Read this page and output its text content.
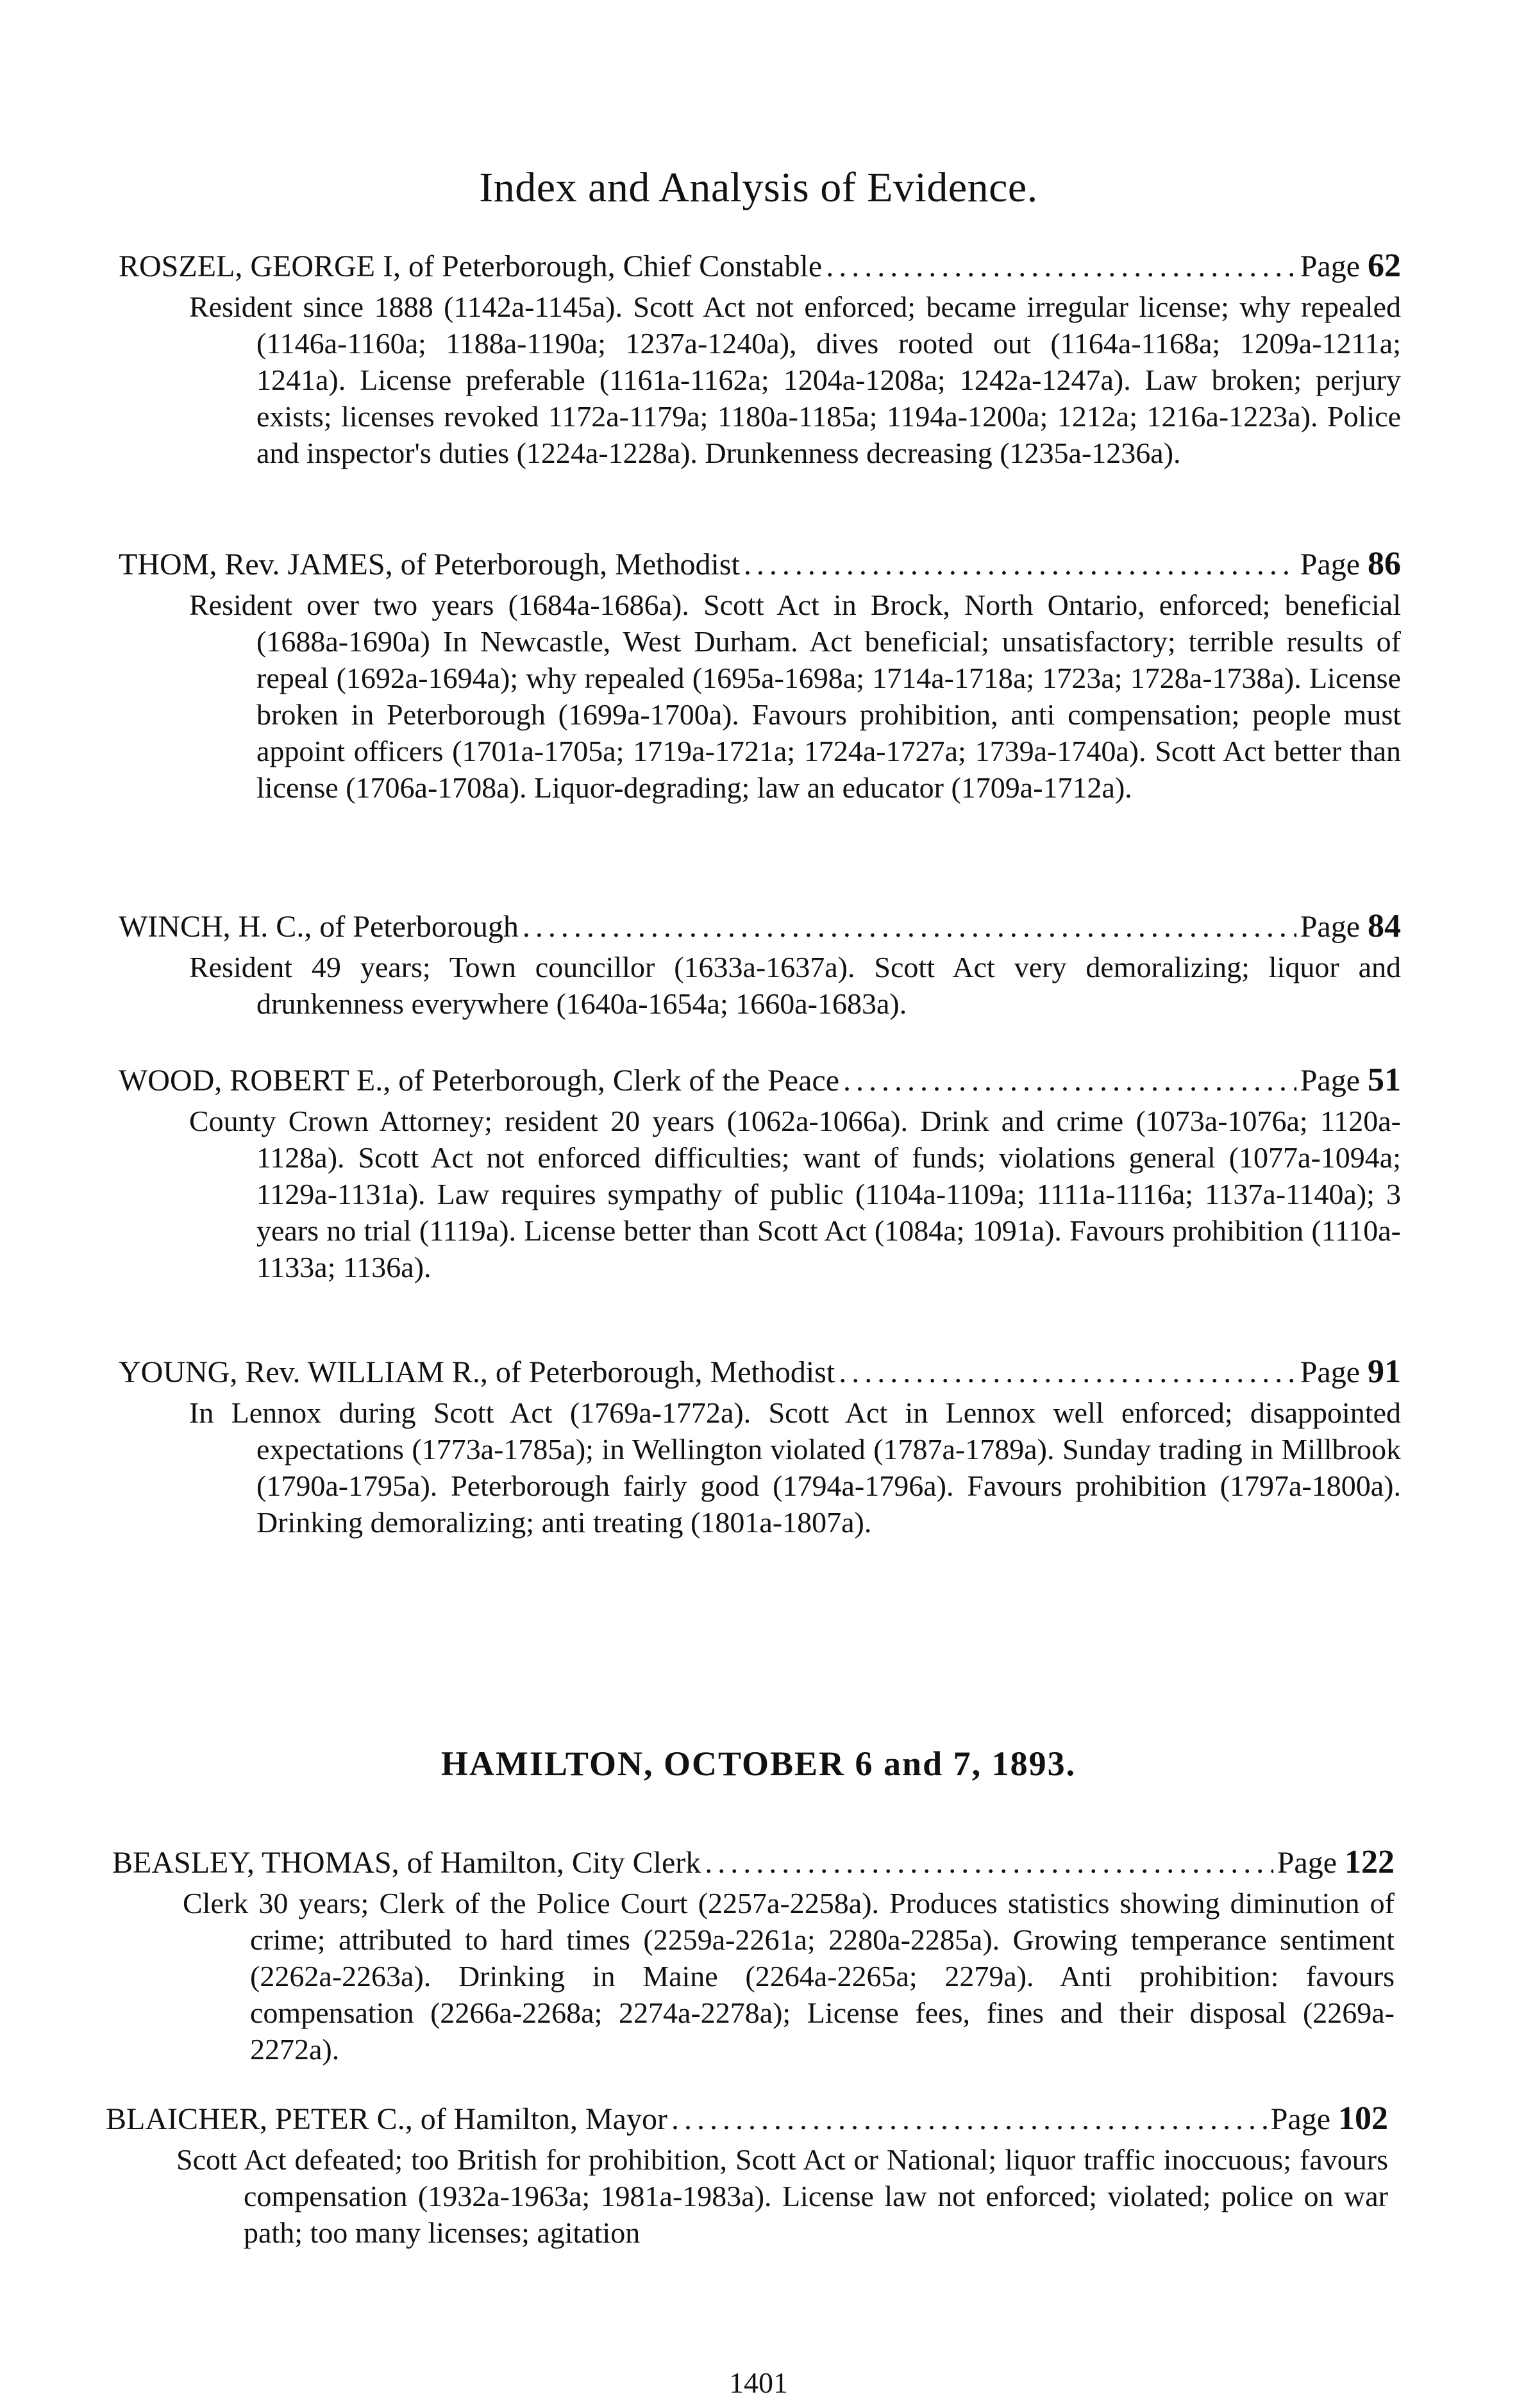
Index and Analysis of Evidence.
ROSZEL, GEORGE I, of Peterborough, Chief Constable . . .	Page 62
Resident since 1888 (1142a-1145a). Scott Act not enforced; became irregular license; why repealed (1146a-1160a; 1188a-1190a; 1237a-1240a), dives rooted out (1164a-1168a; 1209a-1211a; 1241a). License preferable (1161a-1162a; 1204a-1208a; 1242a-1247a). Law broken; perjury exists; licenses revoked 1172a-1179a; 1180a-1185a; 1194a-1200a; 1212a; 1216a-1223a). Police and inspector's duties (1224a-1228a). Drunkenness decreasing (1235a-1236a).
THOM, Rev. JAMES, of Peterborough, Methodist . . .	Page 86
Resident over two years (1684a-1686a). Scott Act in Brock, North Ontario, enforced; beneficial (1688a-1690a) In Newcastle, West Durham. Act beneficial; unsatisfactory; terrible results of repeal (1692a-1694a); why repealed (1695a-1698a; 1714a-1718a; 1723a; 1728a-1738a). License broken in Peterborough (1699a-1700a). Favours prohibition, anti compensation; people must appoint officers (1701a-1705a; 1719a-1721a; 1724a-1727a; 1739a-1740a). Scott Act better than license (1706a-1708a). Liquor-degrading; law an educator (1709a-1712a).
WINCH, H. C., of Peterborough . . .	Page 84
Resident 49 years; Town councillor (1633a-1637a). Scott Act very demoralizing; liquor and drunkenness everywhere (1640a-1654a; 1660a-1683a).
WOOD, ROBERT E., of Peterborough, Clerk of the Peace . . .	Page 51
County Crown Attorney; resident 20 years (1062a-1066a). Drink and crime (1073a-1076a; 1120a-1128a). Scott Act not enforced difficulties; want of funds; violations general (1077a-1094a; 1129a-1131a). Law requires sympathy of public (1104a-1109a; 1111a-1116a; 1137a-1140a); 3 years no trial (1119a). License better than Scott Act (1084a; 1091a). Favours prohibition (1110a-1133a; 1136a).
YOUNG, Rev. WILLIAM R., of Peterborough, Methodist . . .	Page 91
In Lennox during Scott Act (1769a-1772a). Scott Act in Lennox well enforced; disappointed expectations (1773a-1785a); in Wellington violated (1787a-1789a). Sunday trading in Millbrook (1790a-1795a). Peterborough fairly good (1794a-1796a). Favours prohibition (1797a-1800a). Drinking demoralizing; anti treating (1801a-1807a).
HAMILTON, OCTOBER 6 and 7, 1893.
BEASLEY, THOMAS, of Hamilton, City Clerk . . .	Page 122
Clerk 30 years; Clerk of the Police Court (2257a-2258a). Produces statistics showing diminution of crime; attributed to hard times (2259a-2261a; 2280a-2285a). Growing temperance sentiment (2262a-2263a). Drinking in Maine (2264a-2265a; 2279a). Anti prohibition: favours compensation (2266a-2268a; 2274a-2278a); License fees, fines and their disposal (2269a-2272a).
BLAICHER, PETER C., of Hamilton, Mayor . . .	Page 102
Scott Act defeated; too British for prohibition, Scott Act or National; liquor traffic inoccuous; favours compensation (1932a-1963a; 1981a-1983a). License law not enforced; violated; police on war path; too many licenses; agitation
1401
